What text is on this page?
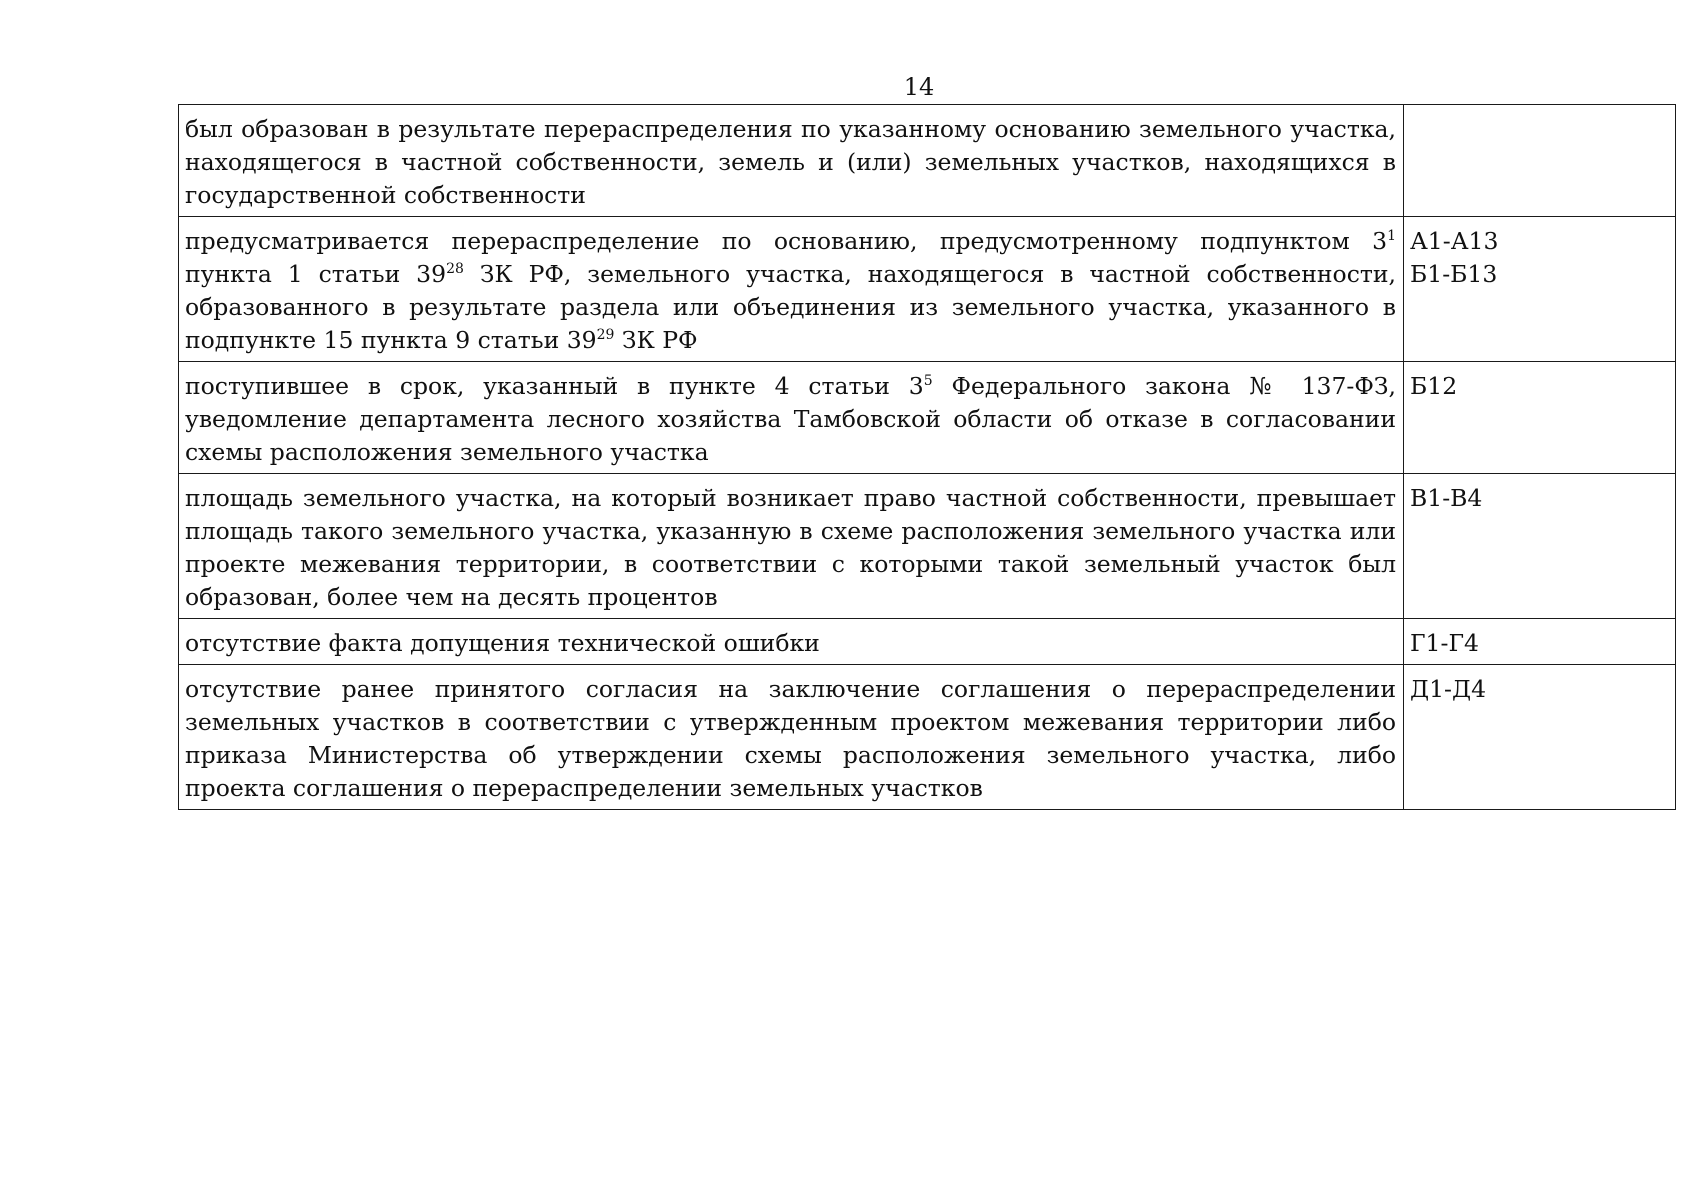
14
был образован в результате перераспределения по указанному основанию земельного участка, находящегося в частной собственности, земель и (или) земельных участков, находящихся в государственной собственности	
предусматривается перераспределение по основанию, предусмотренному подпунктом $3^1$ пункта 1 статьи $39^{28}$ ЗК РФ, земельного участка, находящегося в частной собственности, образованного в результате раздела или объединения из земельного участка, указанного в подпункте 15 пункта 9 статьи $39^{29}$ ЗК РФ	А1-А13
Б1-Б13

поступившее в срок, указанный в пункте 4 статьи $3^5$ Федерального закона № 137-ФЗ, уведомление департамента лесного хозяйства Тамбовской области об отказе в согласовании схемы расположения земельного участка	Б12

площадь земельного участка, на который возникает право частной собственности, превышает площадь такого земельного участка, указанную в схеме расположения земельного участка или проекте межевания территории, в соответствии с которыми такой земельный участок был образован, более чем на десять процентов	В1-В4

отсутствие факта допущения технической ошибки	Г1-Г4

отсутствие ранее принятого согласия на заключение соглашения о перераспределении земельных участков в соответствии с утвержденным проектом межевания территории либо приказа Министерства об утверждении схемы расположения земельного участка, либо проекта соглашения о перераспределении земельных участков	Д1-Д4
